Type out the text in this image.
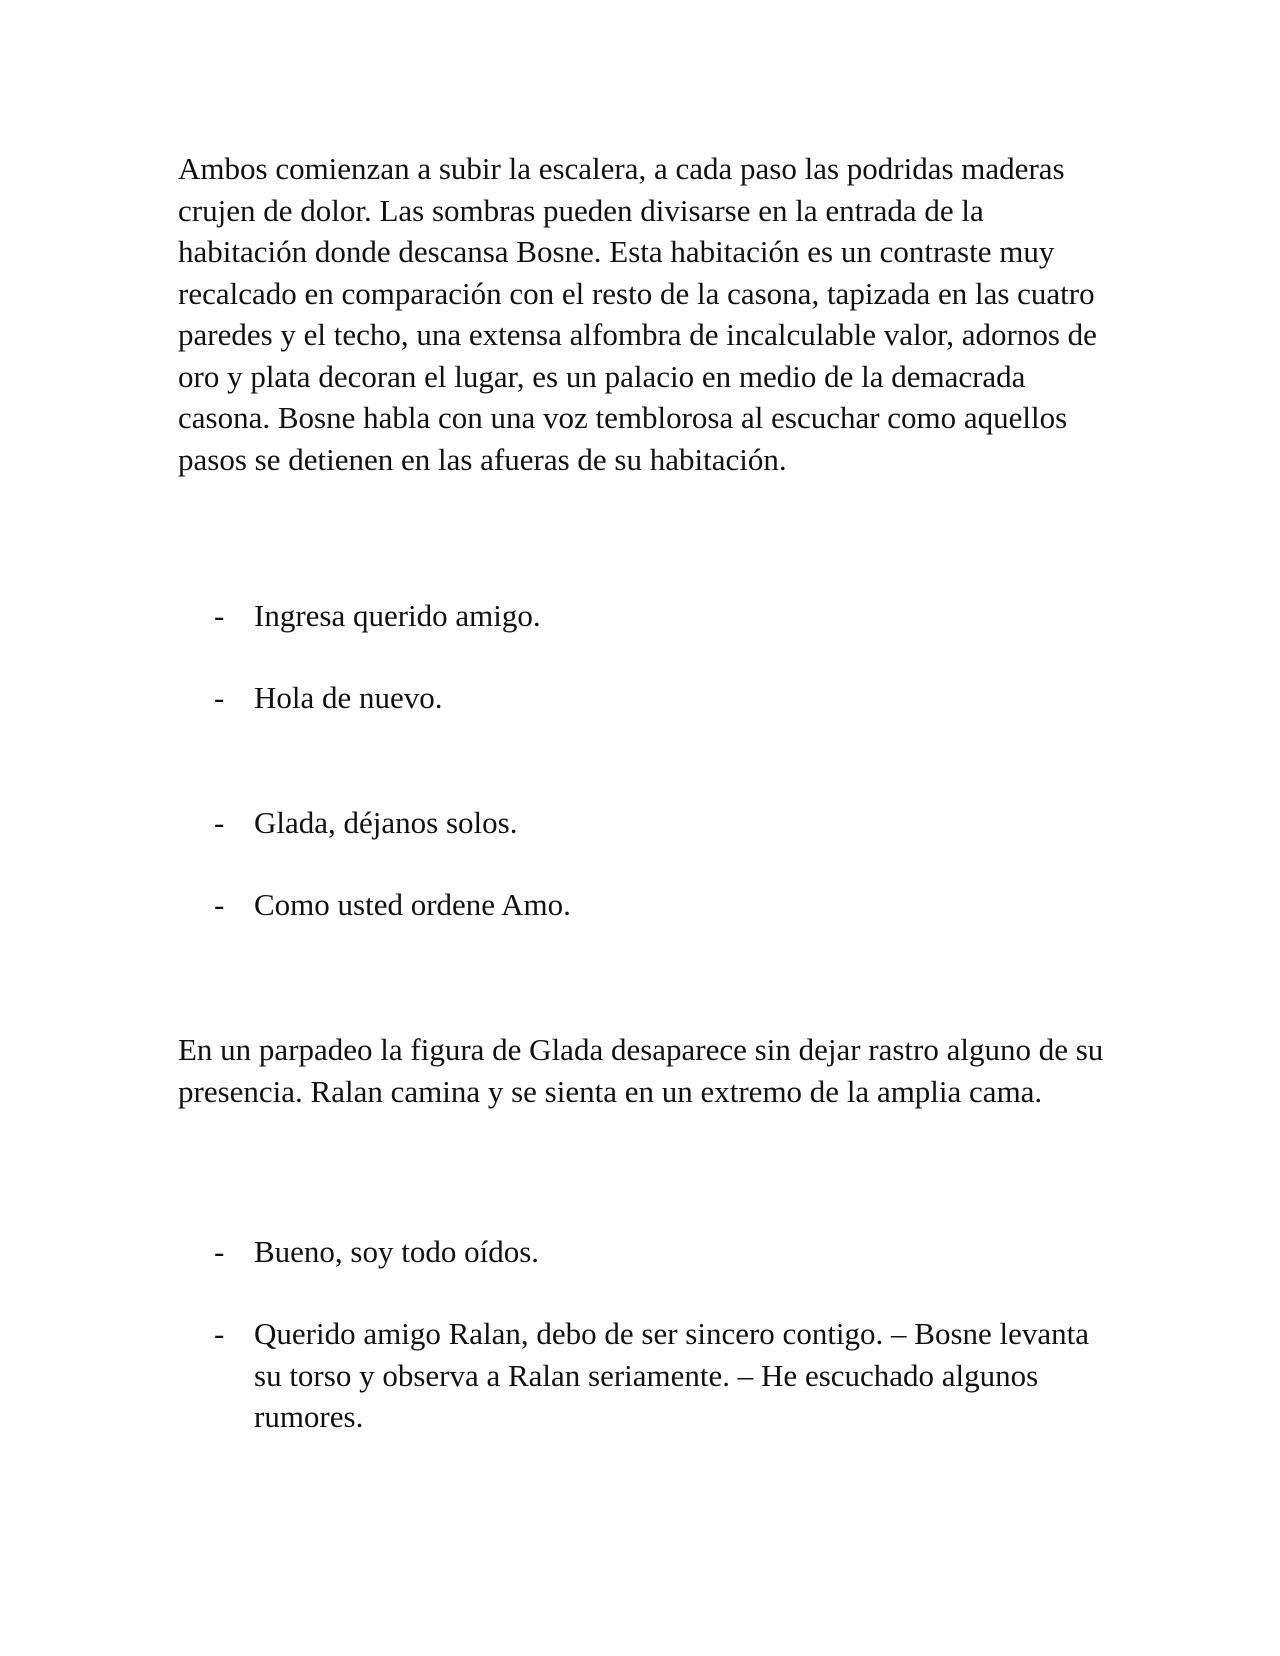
Ambos comienzan a subir la escalera, a cada paso las podridas maderas crujen de dolor. Las sombras pueden divisarse en la entrada de la habitación donde descansa Bosne. Esta habitación es un contraste muy recalcado en comparación con el resto de la casona, tapizada en las cuatro paredes y el techo, una extensa alfombra de incalculable valor, adornos de oro y plata decoran el lugar, es un palacio en medio de la demacrada casona. Bosne habla con una voz temblorosa al escuchar como aquellos pasos se detienen en las afueras de su habitación.

- Ingresa querido amigo.
- Hola de nuevo.
- Glada, déjanos solos.
- Como usted ordene Amo.

En un parpadeo la figura de Glada desaparece sin dejar rastro alguno de su presencia. Ralan camina y se sienta en un extremo de la amplia cama.

- Bueno, soy todo oídos.
- Querido amigo Ralan, debo de ser sincero contigo. – Bosne levanta su torso y observa a Ralan seriamente. – He escuchado algunos rumores.
